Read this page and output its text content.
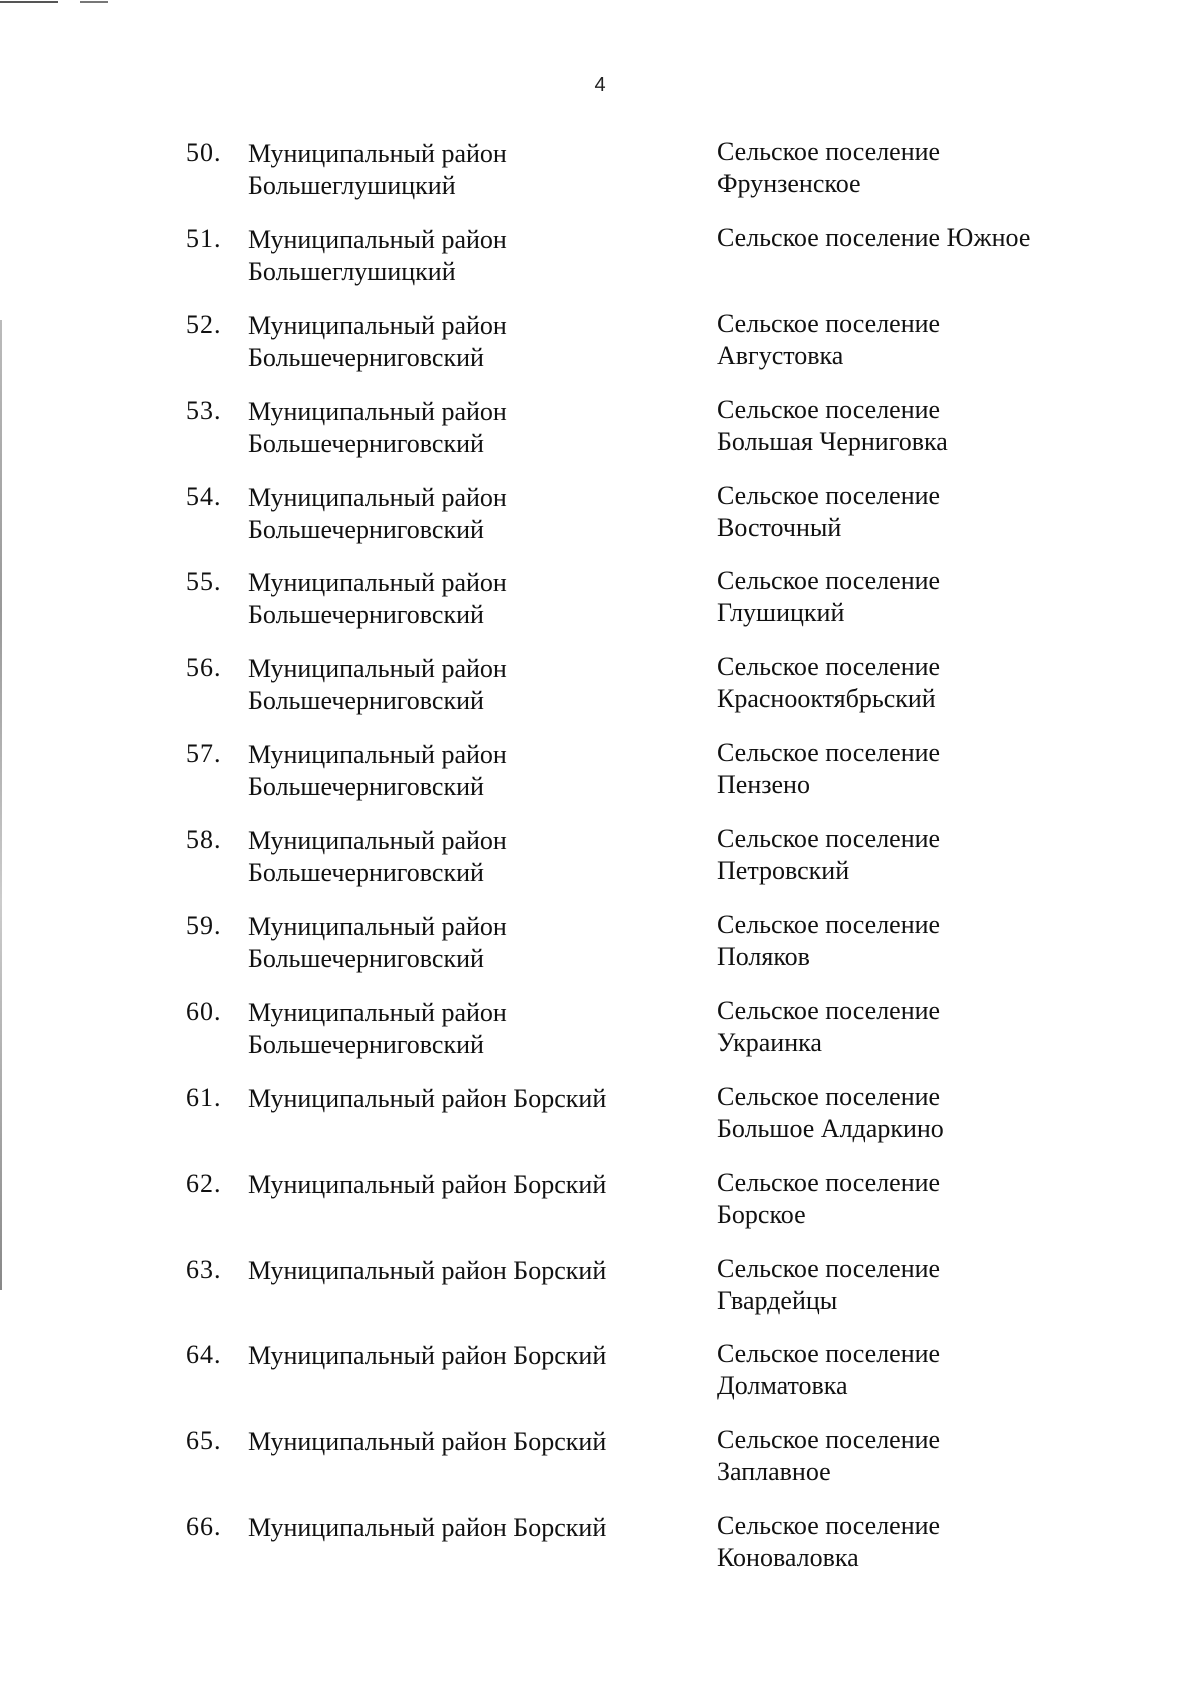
4
50.	Муниципальный район
Большеглушицкий
Сельское поселение
Фрунзенское
51.	Муниципальный район
Большеглушицкий
Сельское поселение Южное
52.	Муниципальный район
Большечерниговский
Сельское поселение
Августовка
53.	Муниципальный район
Большечерниговский
Сельское поселение
Большая Черниговка
54.	Муниципальный район
Большечерниговский
Сельское поселение
Восточный
55.	Муниципальный район
Большечерниговский
Сельское поселение
Глушицкий
56.	Муниципальный район
Большечерниговский
Сельское поселение
Краснооктябрьский
57.	Муниципальный район
Большечерниговский
Сельское поселение
Пензено
58.	Муниципальный район
Большечерниговский
Сельское поселение
Петровский
59.	Муниципальный район
Большечерниговский
Сельское поселение
Поляков
60.	Муниципальный район
Большечерниговский
Сельское поселение
Украинка
61.	Муниципальный район Борский	Сельское поселение
Большое Алдаркино
62.	Муниципальный район Борский	Сельское поселение
Борское
63.	Муниципальный район Борский	Сельское поселение
Гвардейцы
64.	Муниципальный район Борский	Сельское поселение
Долматовка
65.	Муниципальный район Борский	Сельское поселение
Заплавное
66.	Муниципальный район Борский	Сельское поселение
Коноваловка
